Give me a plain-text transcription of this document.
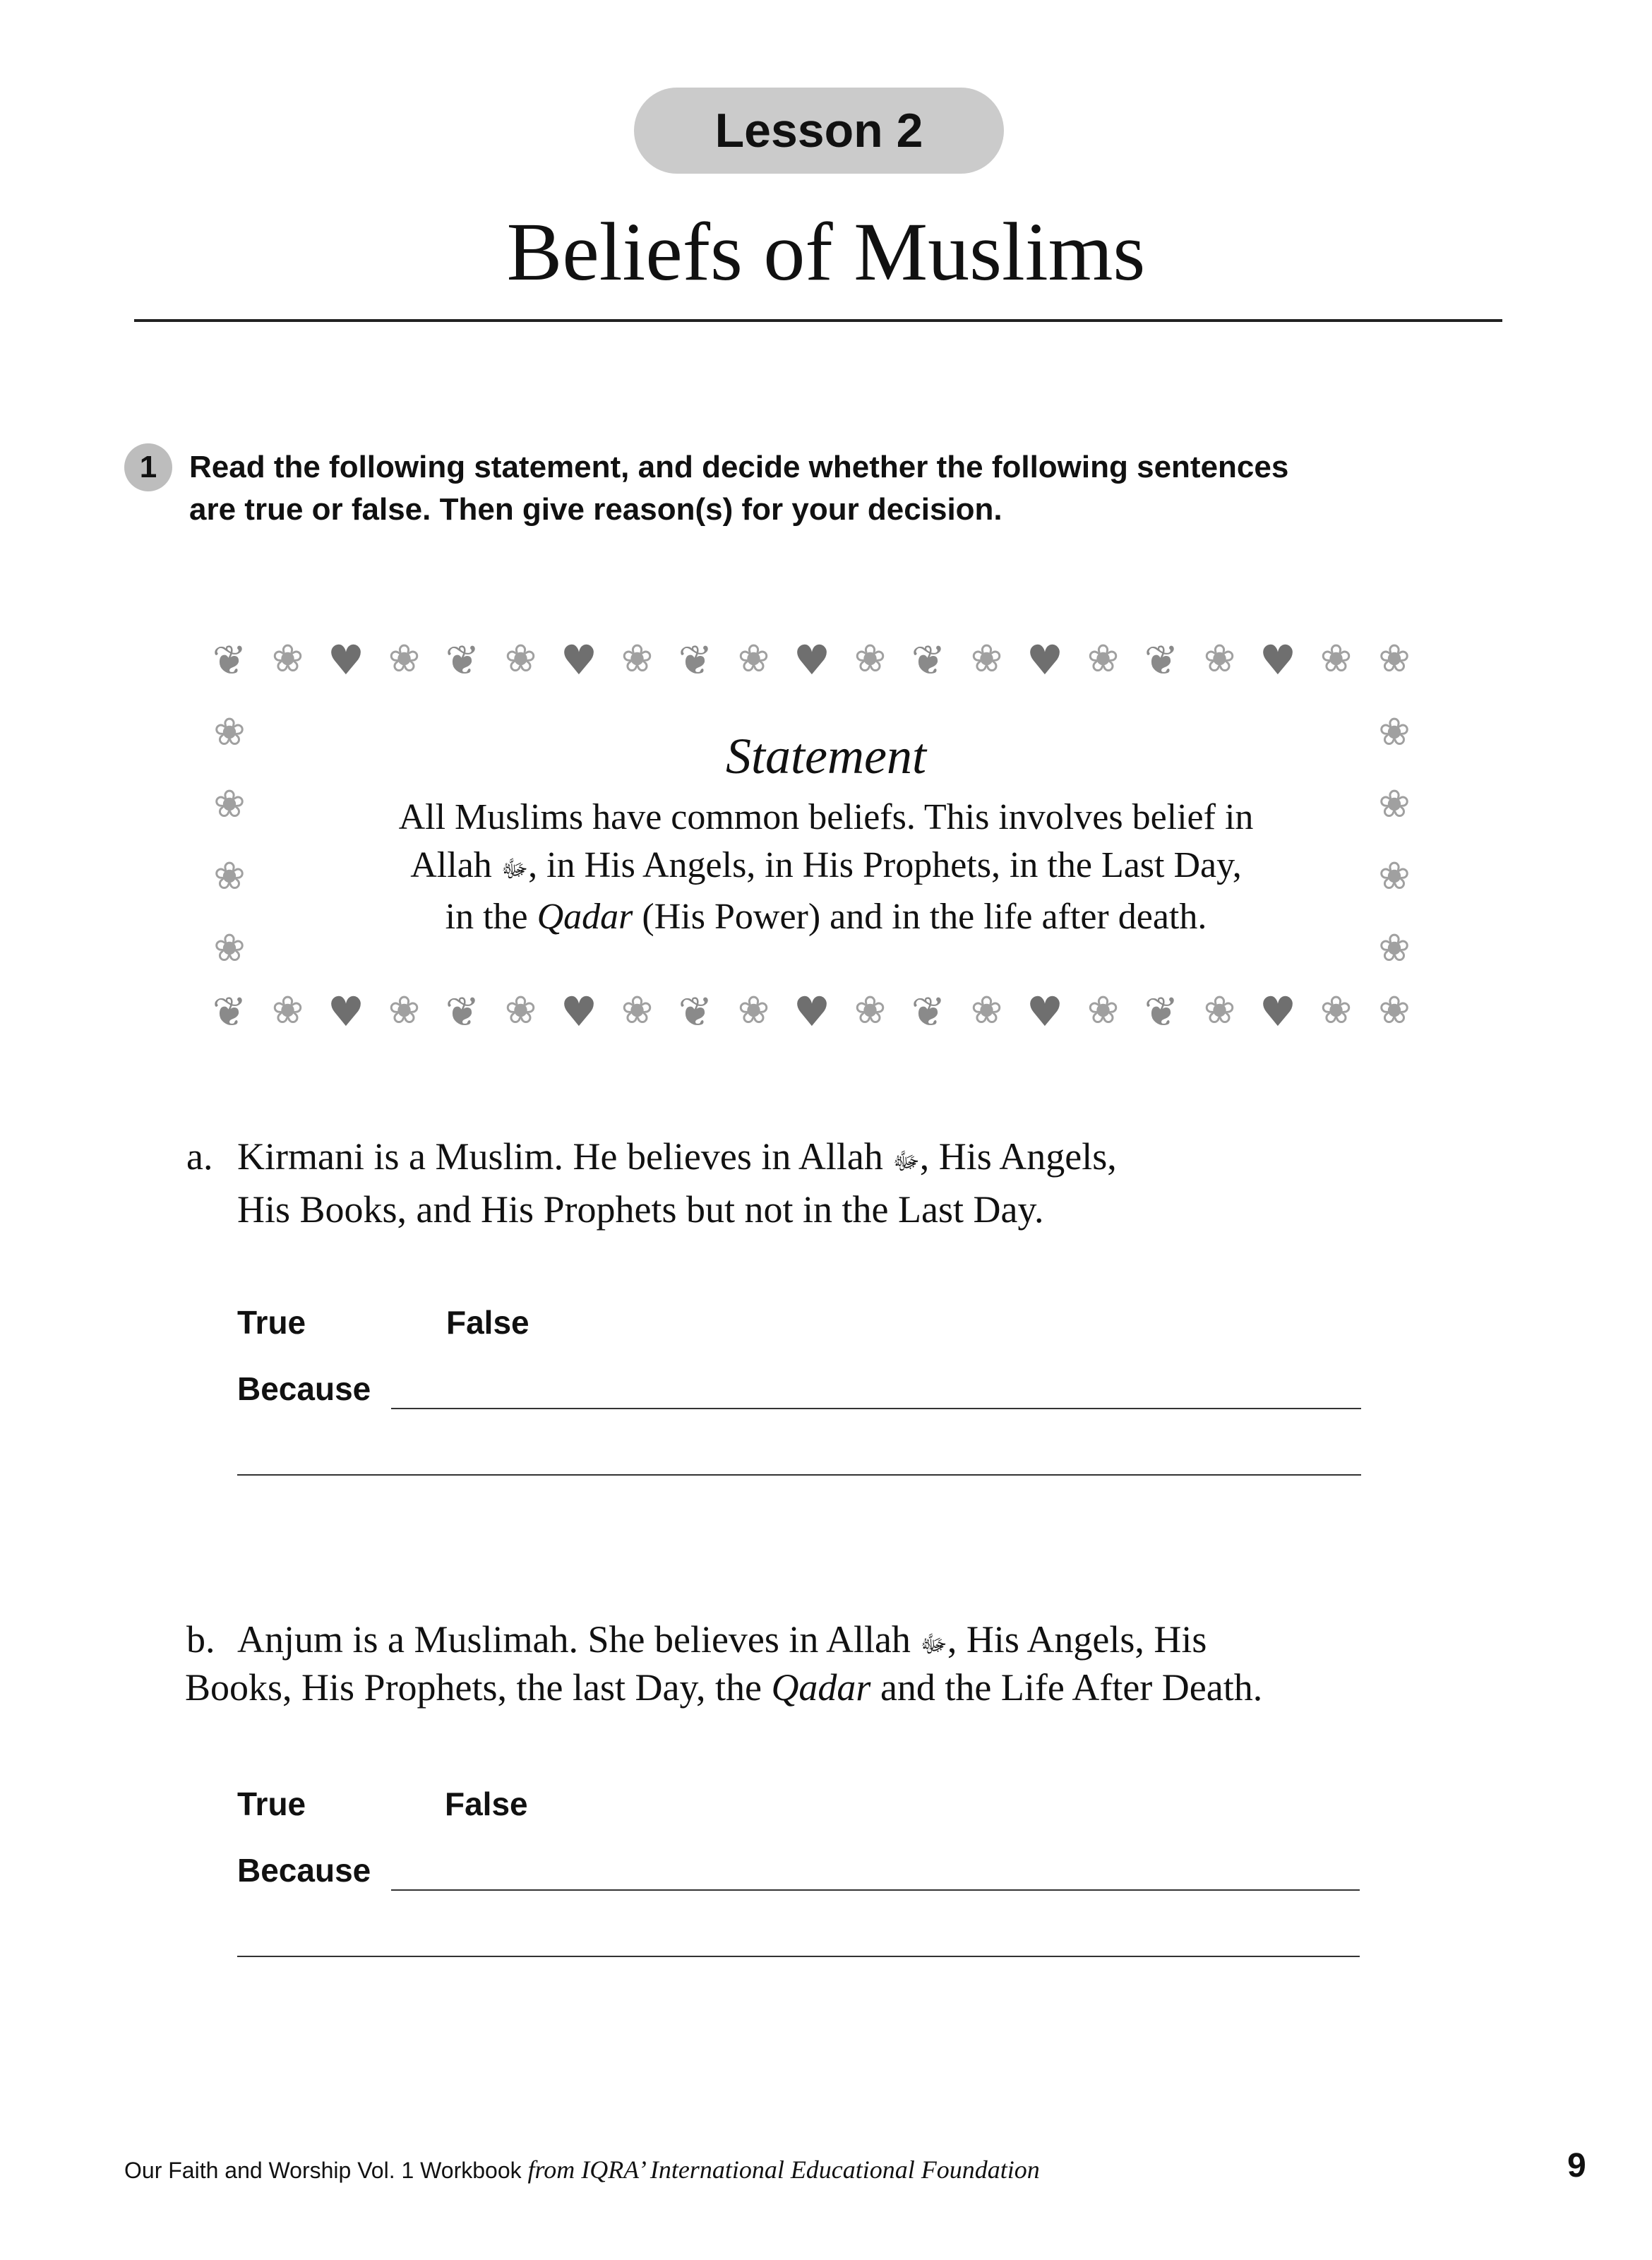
Lesson 2
Beliefs of Muslims
1	Read the following statement, and decide whether the following sentences
are true or false. Then give reason(s) for your decision.

❦ ❀ ♥ ❀ ❦ ❀ ♥ ❀ ❦ ❀ ♥ ❀ ❦ ❀ ♥ ❀ ❦ ❀ ♥ ❀ ❀
❦ ❀ ♥ ❀ ❦ ❀ ♥ ❀ ❦ ❀ ♥ ❀ ❦ ❀ ♥ ❀ ❦ ❀ ♥ ❀ ❀
❀
❀
❀
❀
❀
❀
❀
❀
Statement

All Muslims have common beliefs. This involves belief in
Allah ﷻ, in His Angels, in His Prophets, in the Last Day,
in the Qadar (His Power) and in the life after death.

a. Kirmani is a Muslim. He believes in Allah ﷻ, His Angels,
His Books, and His Prophets but not in the Last Day.

True	False
Because
b. Anjum is a Muslimah. She believes in Allah ﷻ, His Angels, His

Books, His Prophets, the last Day, the Qadar and the Life After Death.

True	False
Because
Our Faith and Worship Vol. 1 Workbook from IQRA’ International Educational Foundation	9
